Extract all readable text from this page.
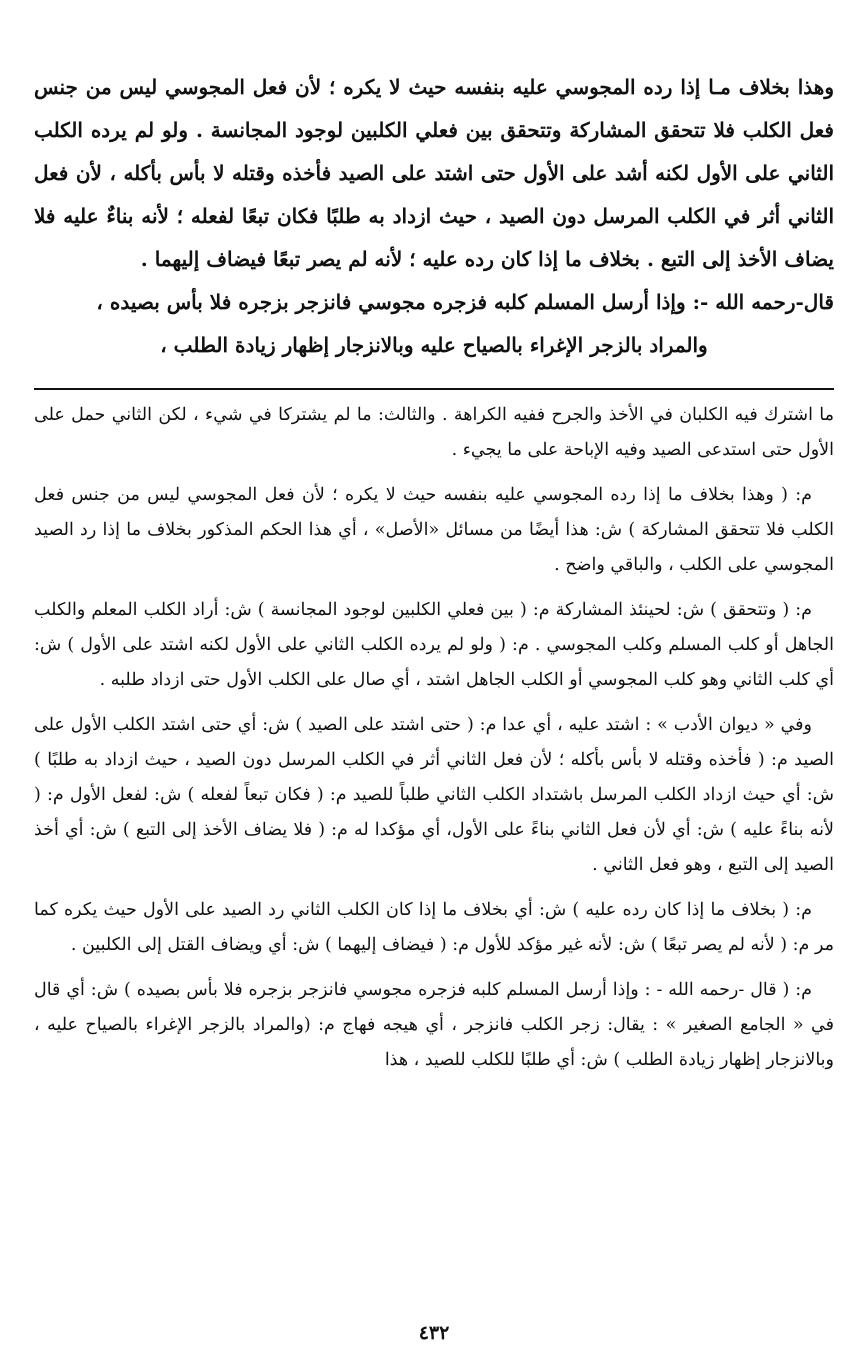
وهذا بخلاف مـا إذا رده المجوسي عليه بنفسه حيث لا يكره ؛ لأن فعل المجوسي ليس من جنس فعل الكلب فلا تتحقق المشاركة وتتحقق بين فعلي الكلبين لوجود المجانسة . ولو لم يرده الكلب الثاني على الأول لكنه أشد على الأول حتى اشتد على الصيد فأخذه وقتله لا بأس بأكله ، لأن فعل الثاني أثر في الكلب المرسل دون الصيد ، حيث ازداد به طلبًا فكان تبعًا لفعله ؛ لأنه بناءٌ عليه فلا يضاف الأخذ إلى التبع . بخلاف ما إذا كان رده عليه ؛ لأنه لم يصر تبعًا فيضاف إليهما .

قال-رحمه الله -: وإذا أرسل المسلم كلبه فزجره مجوسي فانزجر بزجره فلا بأس بصيده ،

والمراد بالزجر الإغراء بالصياح عليه وبالانزجار إظهار زيادة الطلب ،

ما اشترك فيه الكلبان في الأخذ والجرح ففيه الكراهة . والثالث: ما لم يشتركا في شيء ، لكن الثاني حمل على الأول حتى استدعى الصيد وفيه الإباحة على ما يجيء .

م: ( وهذا بخلاف ما إذا رده المجوسي عليه بنفسه حيث لا يكره ؛ لأن فعل المجوسي ليس من جنس فعل الكلب فلا تتحقق المشاركة ) ش: هذا أيضًا من مسائل «الأصل» ، أي هذا الحكم المذكور بخلاف ما إذا رد الصيد المجوسي على الكلب ، والباقي واضح .

م: ( وتتحقق ) ش: لحينئذ المشاركة م: ( بين فعلي الكلبين لوجود المجانسة ) ش: أراد الكلب المعلم والكلب الجاهل أو كلب المسلم وكلب المجوسي . م: ( ولو لم يرده الكلب الثاني على الأول لكنه اشتد على الأول ) ش: أي كلب الثاني وهو كلب المجوسي أو الكلب الجاهل اشتد ، أي صال على الكلب الأول حتى ازداد طلبه .

وفي « ديوان الأدب » : اشتد عليه ، أي عدا م: ( حتى اشتد على الصيد ) ش: أي حتى اشتد الكلب الأول على الصيد م: ( فأخذه وقتله لا بأس بأكله ؛ لأن فعل الثاني أثر في الكلب المرسل دون الصيد ، حيث ازداد به طلبًا ) ش: أي حيث ازداد الكلب المرسل باشتداد الكلب الثاني طلباً للصيد م: ( فكان تبعاً لفعله ) ش: لفعل الأول م: ( لأنه بناءً عليه ) ش: أي لأن فعل الثاني بناءً على الأول، أي مؤكدا له م: ( فلا يضاف الأخذ إلى التبع ) ش: أي أخذ الصيد إلى التبع ، وهو فعل الثاني .

م: ( بخلاف ما إذا كان رده عليه ) ش: أي بخلاف ما إذا كان الكلب الثاني رد الصيد على الأول حيث يكره كما مر م: ( لأنه لم يصر تبعًا ) ش: لأنه غير مؤكد للأول م: ( فيضاف إليهما ) ش: أي ويضاف القتل إلى الكلبين .

م: ( قال -رحمه الله - : وإذا أرسل المسلم كلبه فزجره مجوسي فانزجر بزجره فلا بأس بصيده ) ش: أي قال في « الجامع الصغير » : يقال: زجر الكلب فانزجر ، أي هيجه فهاج م: (والمراد بالزجر الإغراء بالصياح عليه ، وبالانزجار إظهار زيادة الطلب ) ش: أي طلبًا للكلب للصيد ، هذا

٤٣٢
